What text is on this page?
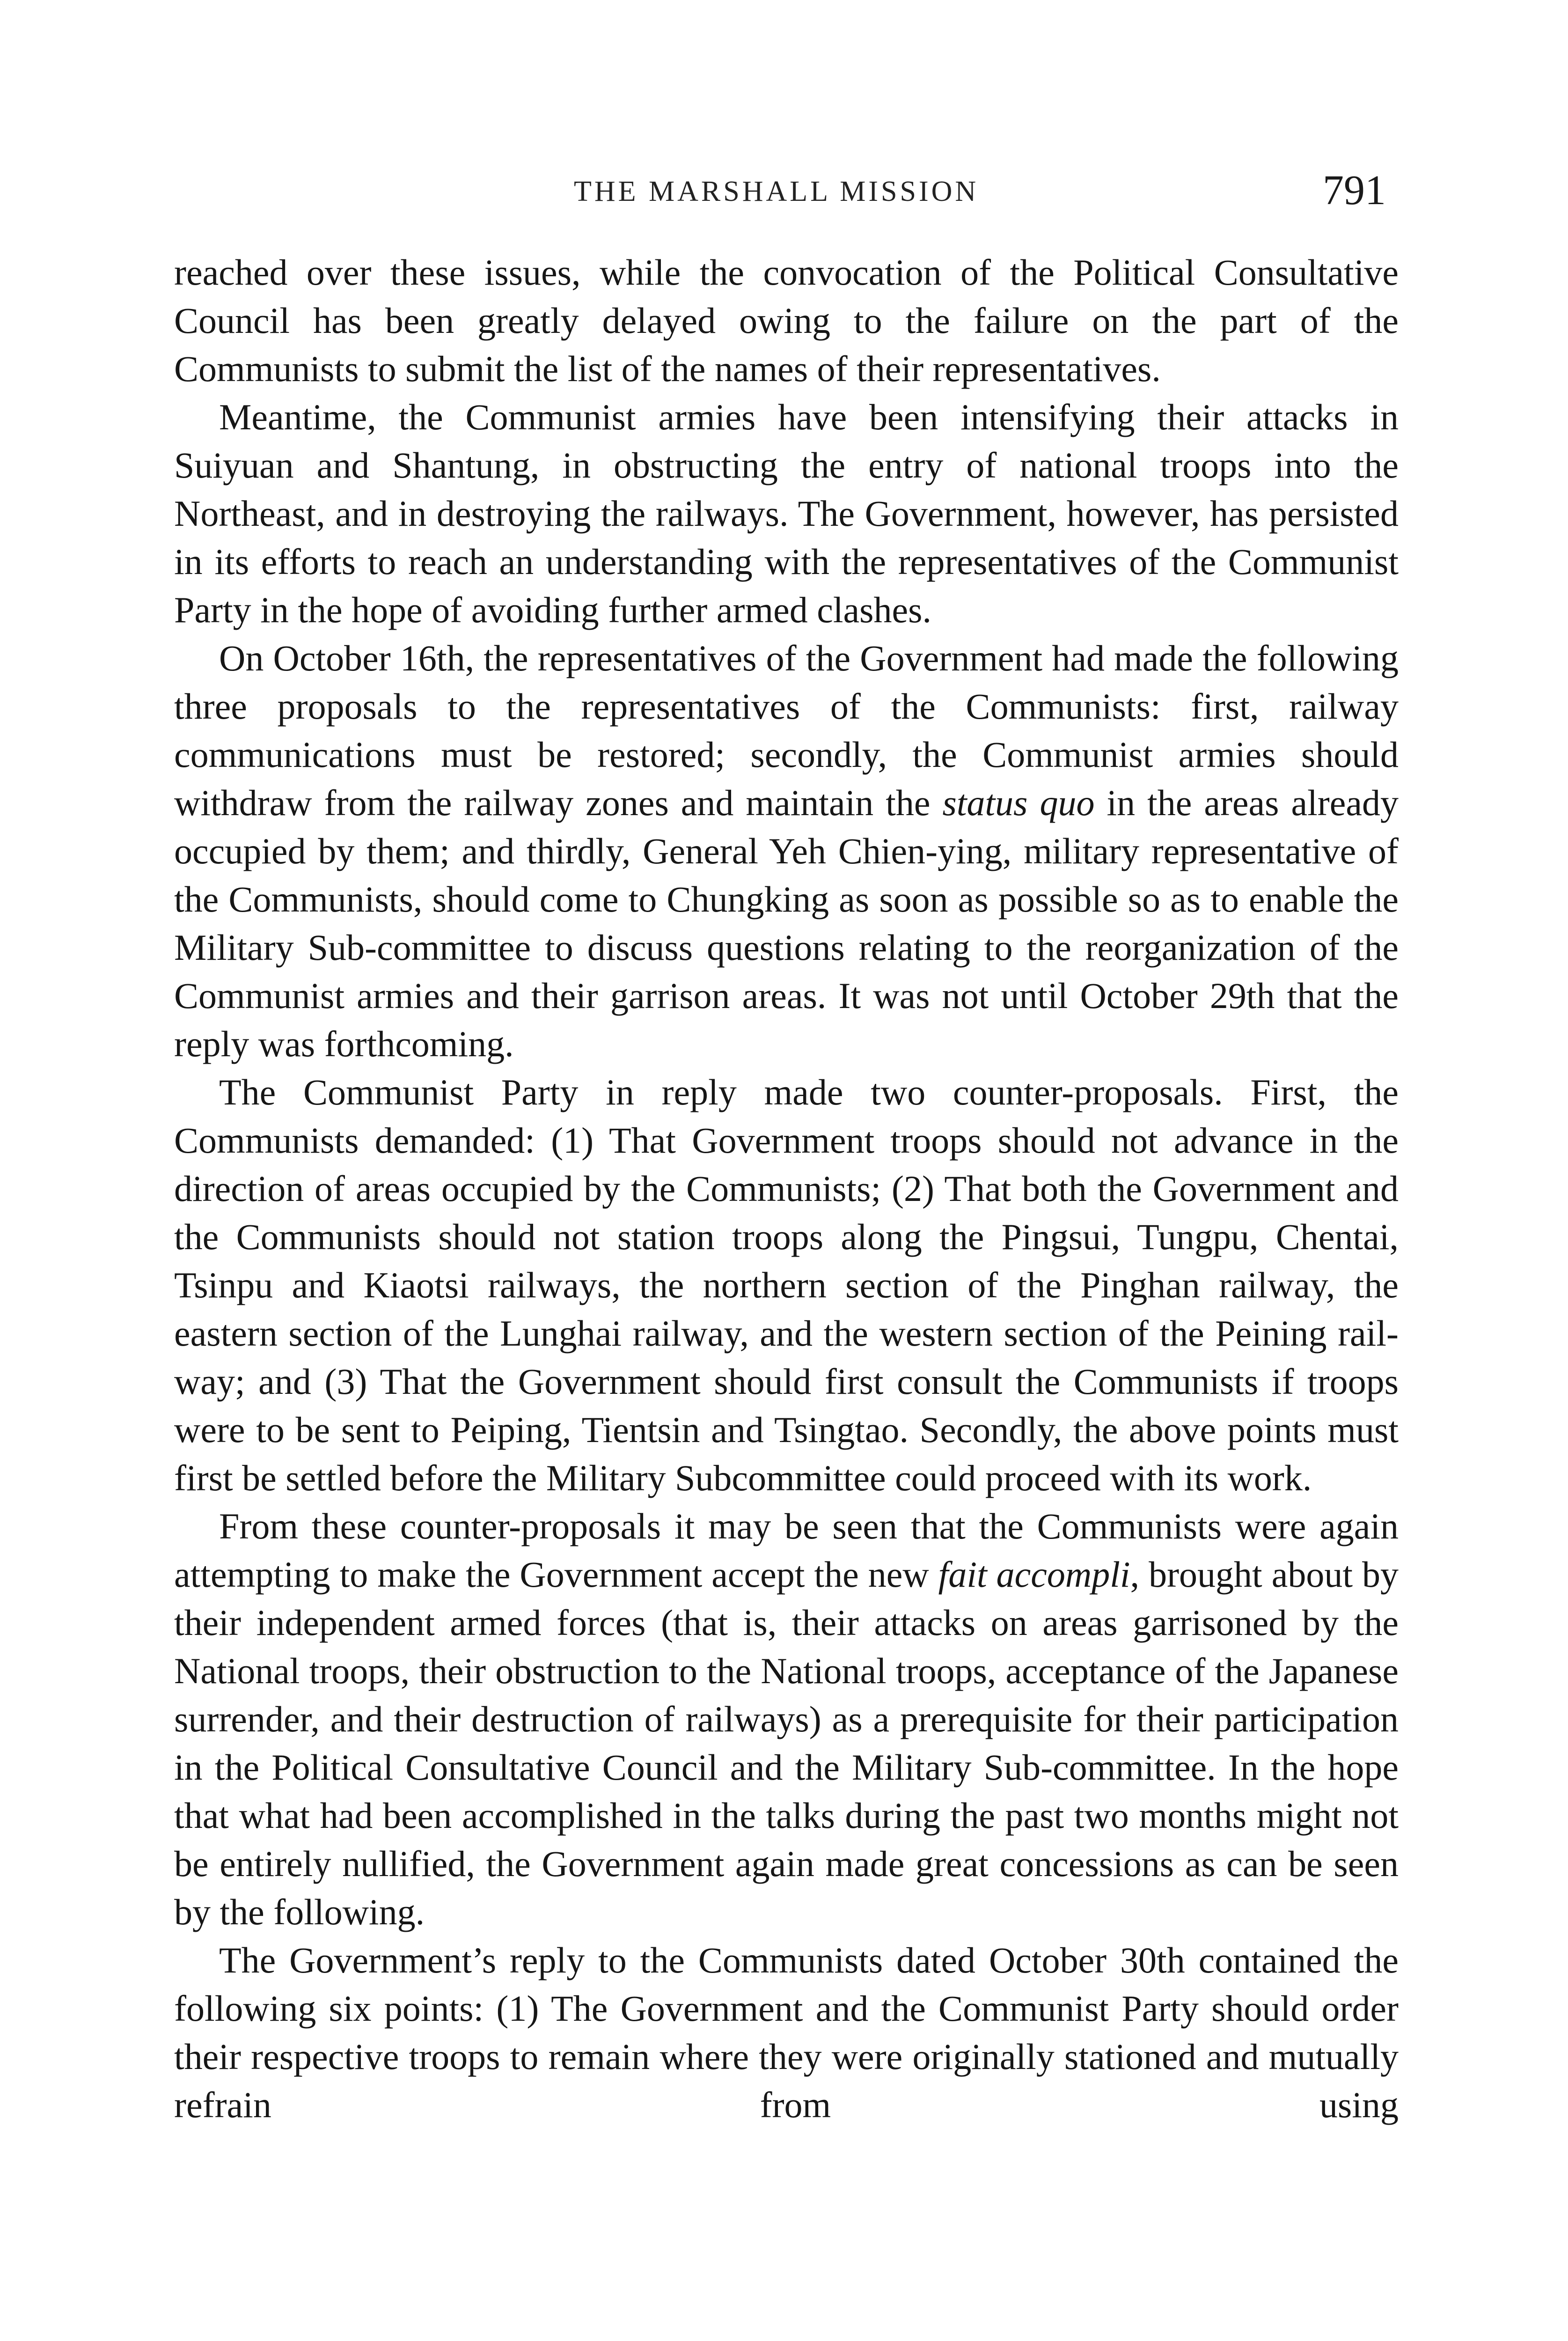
THE MARSHALL MISSION	791

reached over these issues, while the convocation of the Political Consultative Council has been greatly delayed owing to the failure on the part of the Communists to submit the list of the names of their representatives.

Meantime, the Communist armies have been intensifying their attacks in Suiyuan and Shantung, in obstructing the entry of national troops into the Northeast, and in destroying the railways. The Government, however, has persisted in its efforts to reach an understanding with the representatives of the Communist Party in the hope of avoiding further armed clashes.

On October 16th, the representatives of the Government had made the following three proposals to the representatives of the Communists: first, railway communications must be restored; secondly, the Communist armies should withdraw from the railway zones and maintain the status quo in the areas already occupied by them; and thirdly, General Yeh Chien-ying, military representative of the Communists, should come to Chungking as soon as possible so as to enable the Military Sub-committee to discuss questions relating to the reorganization of the Communist armies and their garrison areas. It was not until October 29th that the reply was forthcoming.

The Communist Party in reply made two counter-proposals. First, the Communists demanded: (1) That Government troops should not advance in the direction of areas occupied by the Communists; (2) That both the Government and the Communists should not station troops along the Pingsui, Tungpu, Chentai, Tsinpu and Kiaotsi railways, the northern section of the Pinghan railway, the eastern section of the Lunghai railway, and the western section of the Peining railway; and (3) That the Government should first consult the Communists if troops were to be sent to Peiping, Tientsin and Tsingtao. Secondly, the above points must first be settled before the Military Subcommittee could proceed with its work.

From these counter-proposals it may be seen that the Communists were again attempting to make the Government accept the new fait accompli, brought about by their independent armed forces (that is, their attacks on areas garrisoned by the National troops, their obstruction to the National troops, acceptance of the Japanese surrender, and their destruction of railways) as a prerequisite for their participation in the Political Consultative Council and the Military Sub-committee. In the hope that what had been accomplished in the talks during the past two months might not be entirely nullified, the Government again made great concessions as can be seen by the following.

The Government’s reply to the Communists dated October 30th contained the following six points: (1) The Government and the Communist Party should order their respective troops to remain where they were originally stationed and mutually refrain from using
